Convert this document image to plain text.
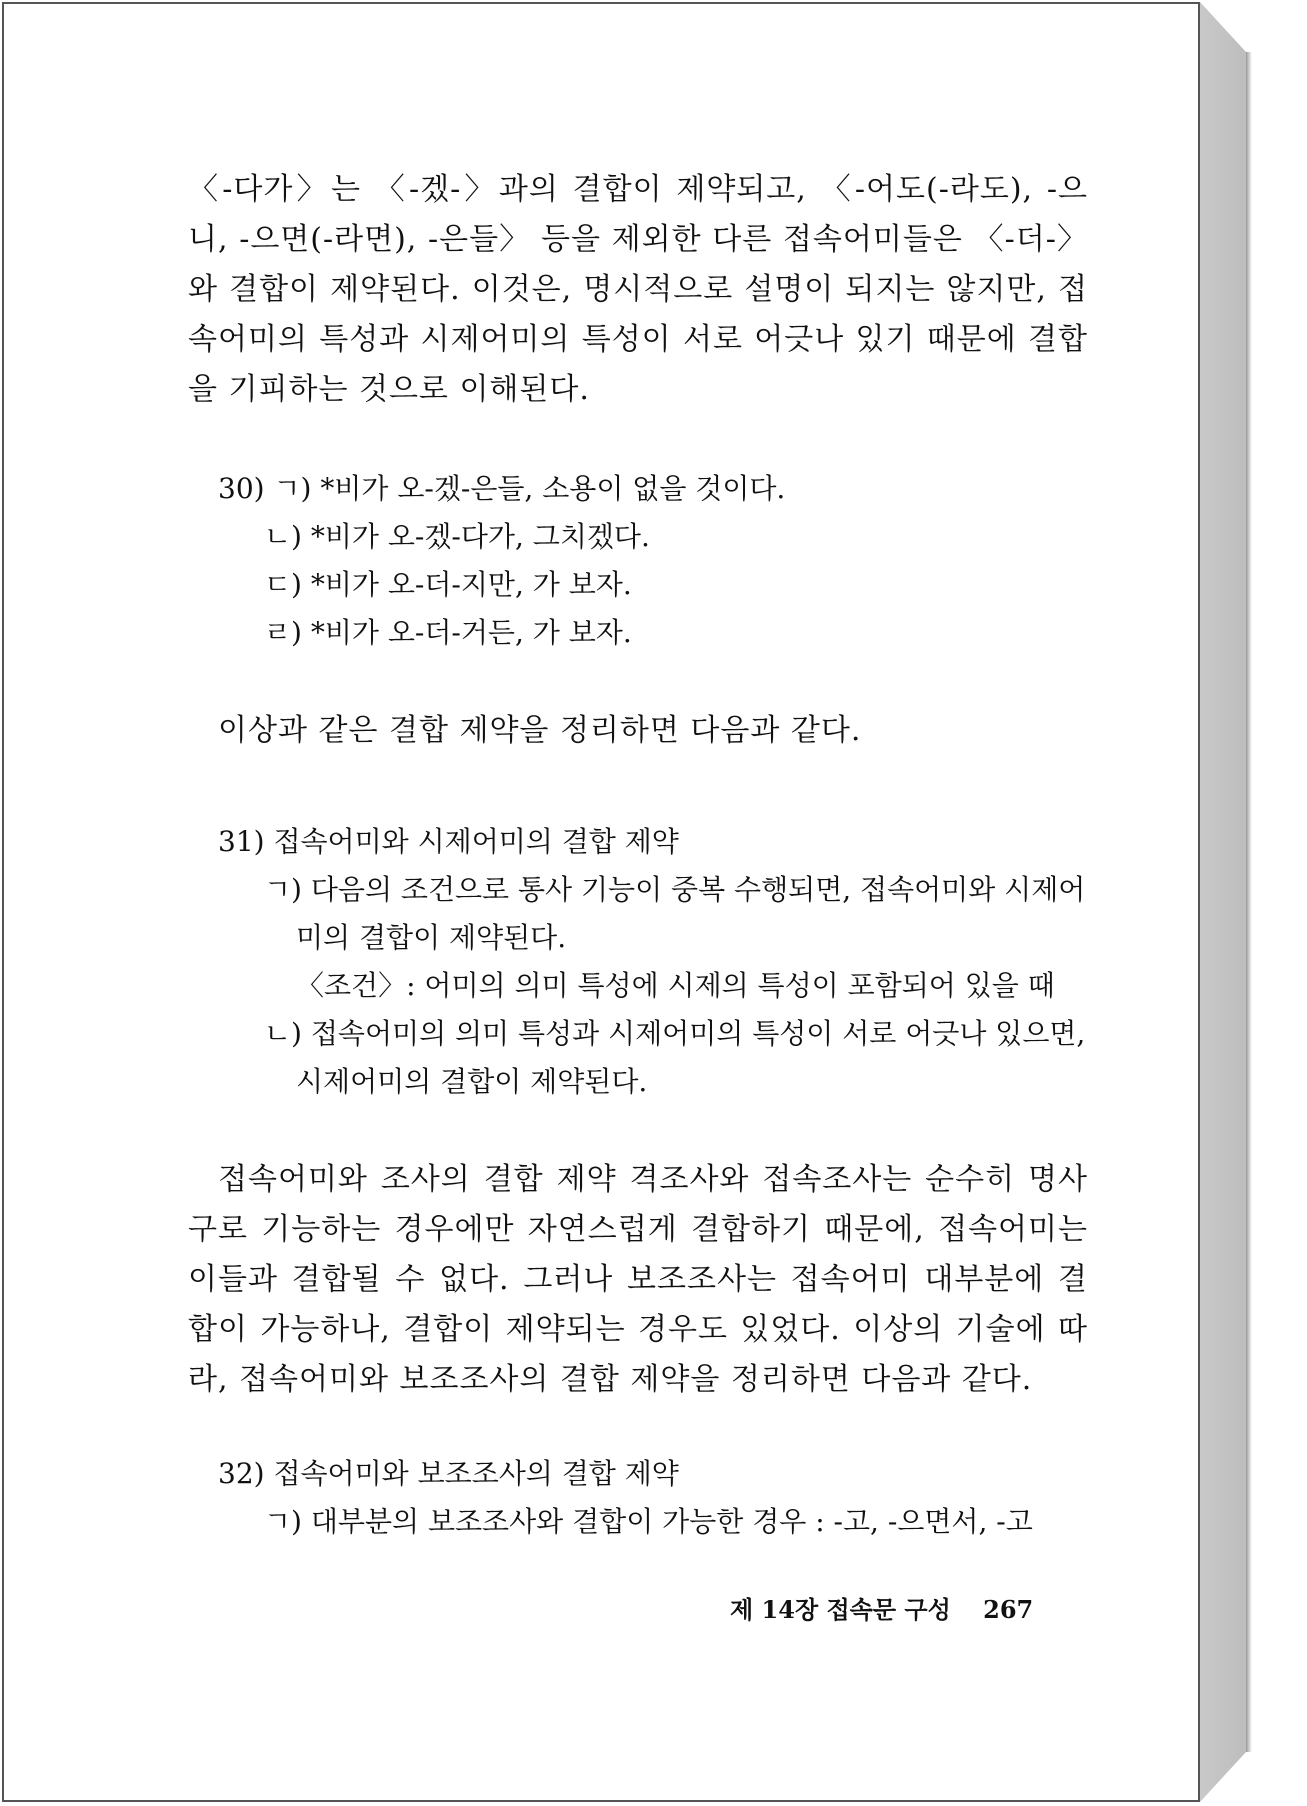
〈-다가〉는 〈-겠-〉과의 결합이 제약되고, 〈-어도(-라도), -으니, -으면(-라면), -은들〉 등을 제외한 다른 접속어미들은 〈-더-〉와 결합이 제약된다. 이것은, 명시적으로 설명이 되지는 않지만, 접속어미의 특성과 시제어미의 특성이 서로 어긋나 있기 때문에 결합을 기피하는 것으로 이해된다.

30) ㄱ) *비가 오-겠-은들, 소용이 없을 것이다.

ㄴ) *비가 오-겠-다가, 그치겠다.

ㄷ) *비가 오-더-지만, 가 보자.

ㄹ) *비가 오-더-거든, 가 보자.

이상과 같은 결합 제약을 정리하면 다음과 같다.

31) 접속어미와 시제어미의 결합 제약

ㄱ) 다음의 조건으로 통사 기능이 중복 수행되면, 접속어미와 시제어

미의 결합이 제약된다.

〈조건〉: 어미의 의미 특성에 시제의 특성이 포함되어 있을 때

ㄴ) 접속어미의 의미 특성과 시제어미의 특성이 서로 어긋나 있으면,

시제어미의 결합이 제약된다.

접속어미와 조사의 결합 제약 격조사와 접속조사는 순수히 명사구로 기능하는 경우에만 자연스럽게 결합하기 때문에, 접속어미는 이들과 결합될 수 없다. 그러나 보조조사는 접속어미 대부분에 결합이 가능하나, 결합이 제약되는 경우도 있었다. 이상의 기술에 따라, 접속어미와 보조조사의 결합 제약을 정리하면 다음과 같다.

32) 접속어미와 보조조사의 결합 제약

ㄱ) 대부분의 보조조사와 결합이 가능한 경우 : -고, -으면서, -고

제 14장 접속문 구성 267
